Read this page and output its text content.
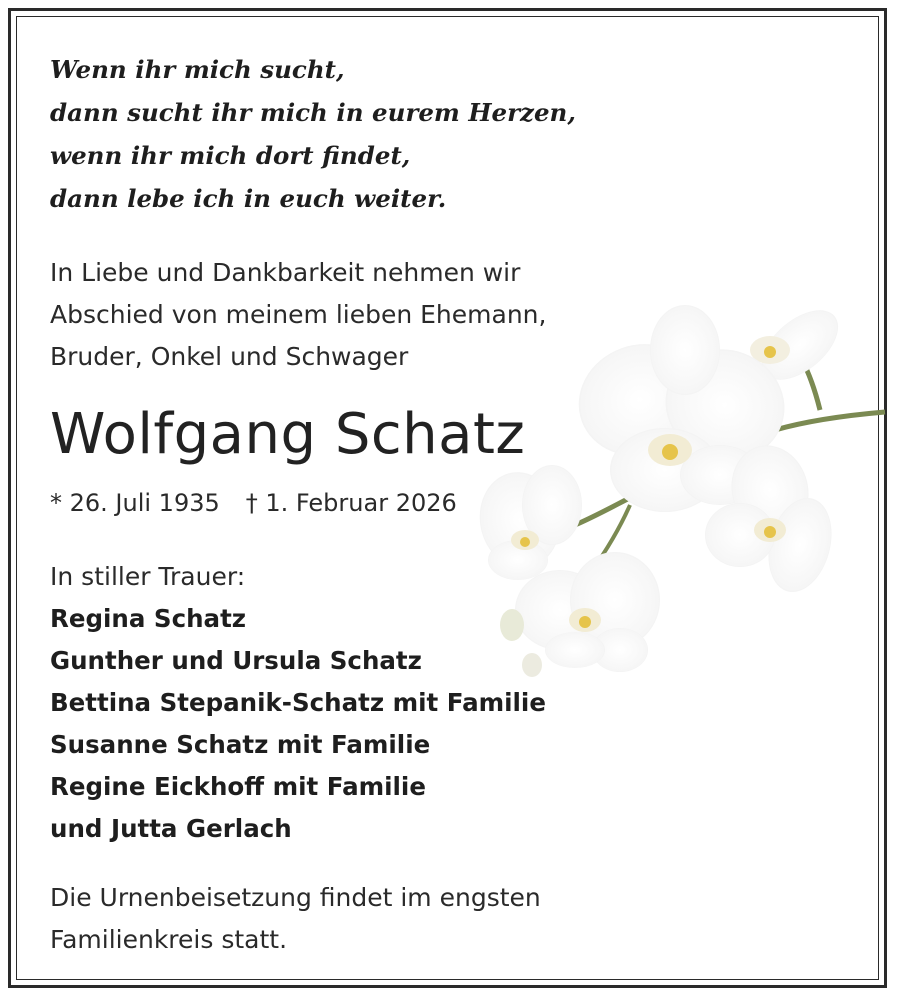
Wenn ihr mich sucht,
dann sucht ihr mich in eurem Herzen,
wenn ihr mich dort findet,
dann lebe ich in euch weiter.
In Liebe und Dankbarkeit nehmen wir
Abschied von meinem lieben Ehemann,
Bruder, Onkel und Schwager
Wolfgang Schatz
* 26. Juli 1935 † 1. Februar 2026
In stiller Trauer:
Regina Schatz
Gunther und Ursula Schatz
Bettina Stepanik-Schatz mit Familie
Susanne Schatz mit Familie
Regine Eickhoff mit Familie
und Jutta Gerlach
Die Urnenbeisetzung findet im engsten
Familienkreis statt.
